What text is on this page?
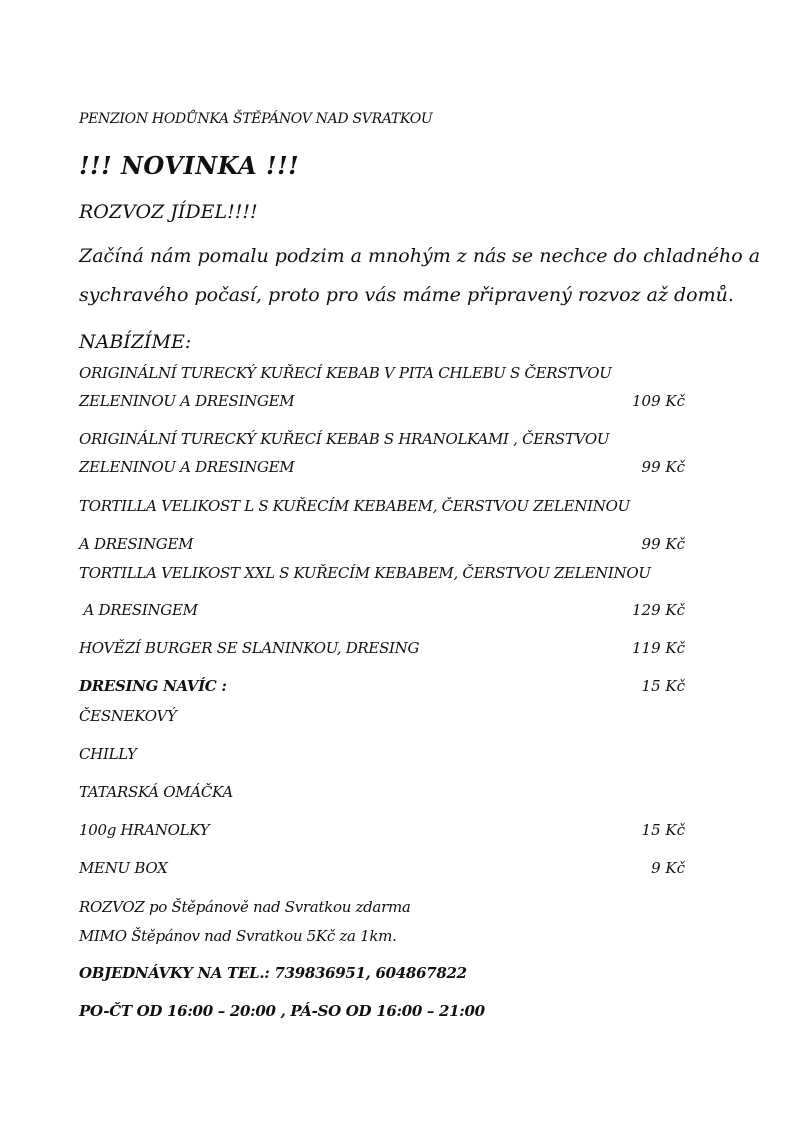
PENZION HODŮNKA ŠTĚPÁNOV NAD SVRATKOU
!!! NOVINKA !!!
ROZVOZ JÍDEL!!!!
Začíná nám pomalu podzim a mnohým z nás se nechce do chladného a
sychravého počasí, proto pro vás máme připravený rozvoz až domů.
NABÍZÍME:
ORIGINÁLNÍ TURECKÝ KUŘECÍ KEBAB V PITA CHLEBU S ČERSTVOU
ZELENINOU A DRESINGEM	109 Kč
ORIGINÁLNÍ TURECKÝ KUŘECÍ KEBAB S HRANOLKAMI , ČERSTVOU
ZELENINOU A DRESINGEM	99 Kč
TORTILLA VELIKOST L S KUŘECÍM KEBABEM, ČERSTVOU ZELENINOU
A DRESINGEM	99 Kč
TORTILLA VELIKOST XXL S KUŘECÍM KEBABEM, ČERSTVOU ZELENINOU
A DRESINGEM	129 Kč
HOVĚZÍ BURGER SE SLANINKOU, DRESING	119 Kč
DRESING NAVÍC :	15 Kč
ČESNEKOVÝ
CHILLY
TATARSKÁ OMÁČKA
100g HRANOLKY	15 Kč
MENU BOX	9 Kč
ROZVOZ po Štěpánově nad Svratkou zdarma
MIMO Štěpánov nad Svratkou 5Kč za 1km.
OBJEDNÁVKY NA TEL.: 739836951, 604867822
PO-ČT OD 16:00 – 20:00 , PÁ-SO OD 16:00 – 21:00
